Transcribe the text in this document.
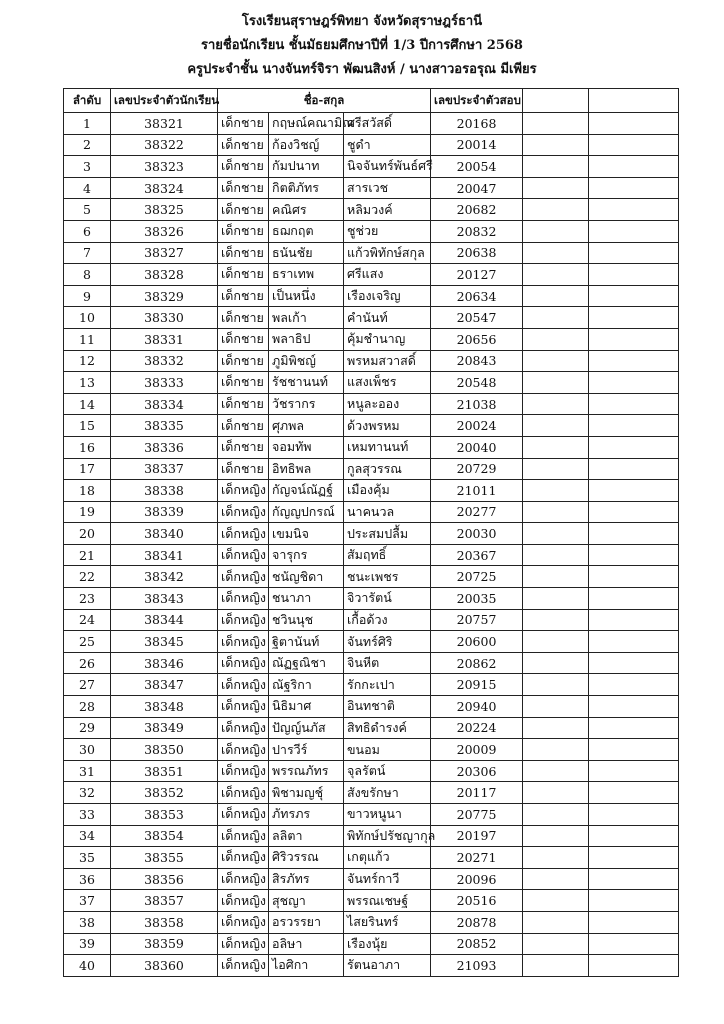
โรงเรียนสุราษฎร์พิทยา จังหวัดสุราษฎร์ธานี
รายชื่อนักเรียน ชั้นมัธยมศึกษาปีที่ 1/3 ปีการศึกษา 2568
ครูประจำชั้น นางจันทร์จิรา พัฒนสิงห์ / นางสาวอรอรุณ มีเพียร
ลำดับ	เลขประจำตัวนักเรียน	ชื่อ-สกุล			เลขประจำตัวสอบ		
1	38321	เด็กชาย	กฤษณ์คณามิณ	ศรีสวัสดิ์	20168		
2	38322	เด็กชาย	ก้องวิชญ์	ชูดำ	20014		
3	38323	เด็กชาย	กัมปนาท	นิจจันทร์พันธ์ศรี	20054		
4	38324	เด็กชาย	กิตติภัทร	สารเวช	20047		
5	38325	เด็กชาย	คณิศร	หลิมวงค์	20682		
6	38326	เด็กชาย	ธฌกฤต	ชูช่วย	20832		
7	38327	เด็กชาย	ธนันชัย	แก้วพิทักษ์สกุล	20638		
8	38328	เด็กชาย	ธราเทพ	ศรีแสง	20127		
9	38329	เด็กชาย	เป็นหนึ่ง	เรืองเจริญ	20634		
10	38330	เด็กชาย	พลเก้า	คำนันท์	20547		
11	38331	เด็กชาย	พลาธิป	คุ้มชำนาญ	20656		
12	38332	เด็กชาย	ภูมิพิชญ์	พรหมสวาสดิ์	20843		
13	38333	เด็กชาย	รัชชานนท์	แสงเพ็ชร	20548		
14	38334	เด็กชาย	วัชรากร	หนูละออง	21038		
15	38335	เด็กชาย	ศุภพล	ด้วงพรหม	20024		
16	38336	เด็กชาย	จอมทัพ	เหมทานนท์	20040		
17	38337	เด็กชาย	อิทธิพล	กูลสุวรรณ	20729		
18	38338	เด็กหญิง	กัญจน์ณัฏฐ์	เมืองคุ้ม	21011		
19	38339	เด็กหญิง	กัญญปกรณ์	นาคนวล	20277		
20	38340	เด็กหญิง	เขมนิจ	ประสมปลื้ม	20030		
21	38341	เด็กหญิง	จารุกร	สัมฤทธิ์	20367		
22	38342	เด็กหญิง	ชนัญชิดา	ชนะเพชร	20725		
23	38343	เด็กหญิง	ชนาภา	จิวารัตน์	20035		
24	38344	เด็กหญิง	ชวินนุช	เกื้อด้วง	20757		
25	38345	เด็กหญิง	ฐิตานันท์	จันทร์ศิริ	20600		
26	38346	เด็กหญิง	ณัฏฐณิชา	จินหีต	20862		
27	38347	เด็กหญิง	ณัฐริกา	รักกะเปา	20915		
28	38348	เด็กหญิง	นิธิมาศ	อินทชาติ	20940		
29	38349	เด็กหญิง	ปัญญ์นภัส	สิทธิดำรงค์	20224		
30	38350	เด็กหญิง	ปารวีร์	ขนอม	20009		
31	38351	เด็กหญิง	พรรณภัทร	จุลรัตน์	20306		
32	38352	เด็กหญิง	พิชามญชุ์	สังขรักษา	20117		
33	38353	เด็กหญิง	ภัทรภร	ขาวหนูนา	20775		
34	38354	เด็กหญิง	ลลิตา	พิทักษ์ปรัชญากุล	20197		
35	38355	เด็กหญิง	ศิริวรรณ	เกตุแก้ว	20271		
36	38356	เด็กหญิง	สิรภัทร	จันทร์กาวี	20096		
37	38357	เด็กหญิง	สุชญา	พรรณเชษฐ์	20516		
38	38358	เด็กหญิง	อรวรรยา	ไสยรินทร์	20878		
39	38359	เด็กหญิง	อลิษา	เรืองนุ้ย	20852		
40	38360	เด็กหญิง	ไอศิกา	รัตนอาภา	21093		
